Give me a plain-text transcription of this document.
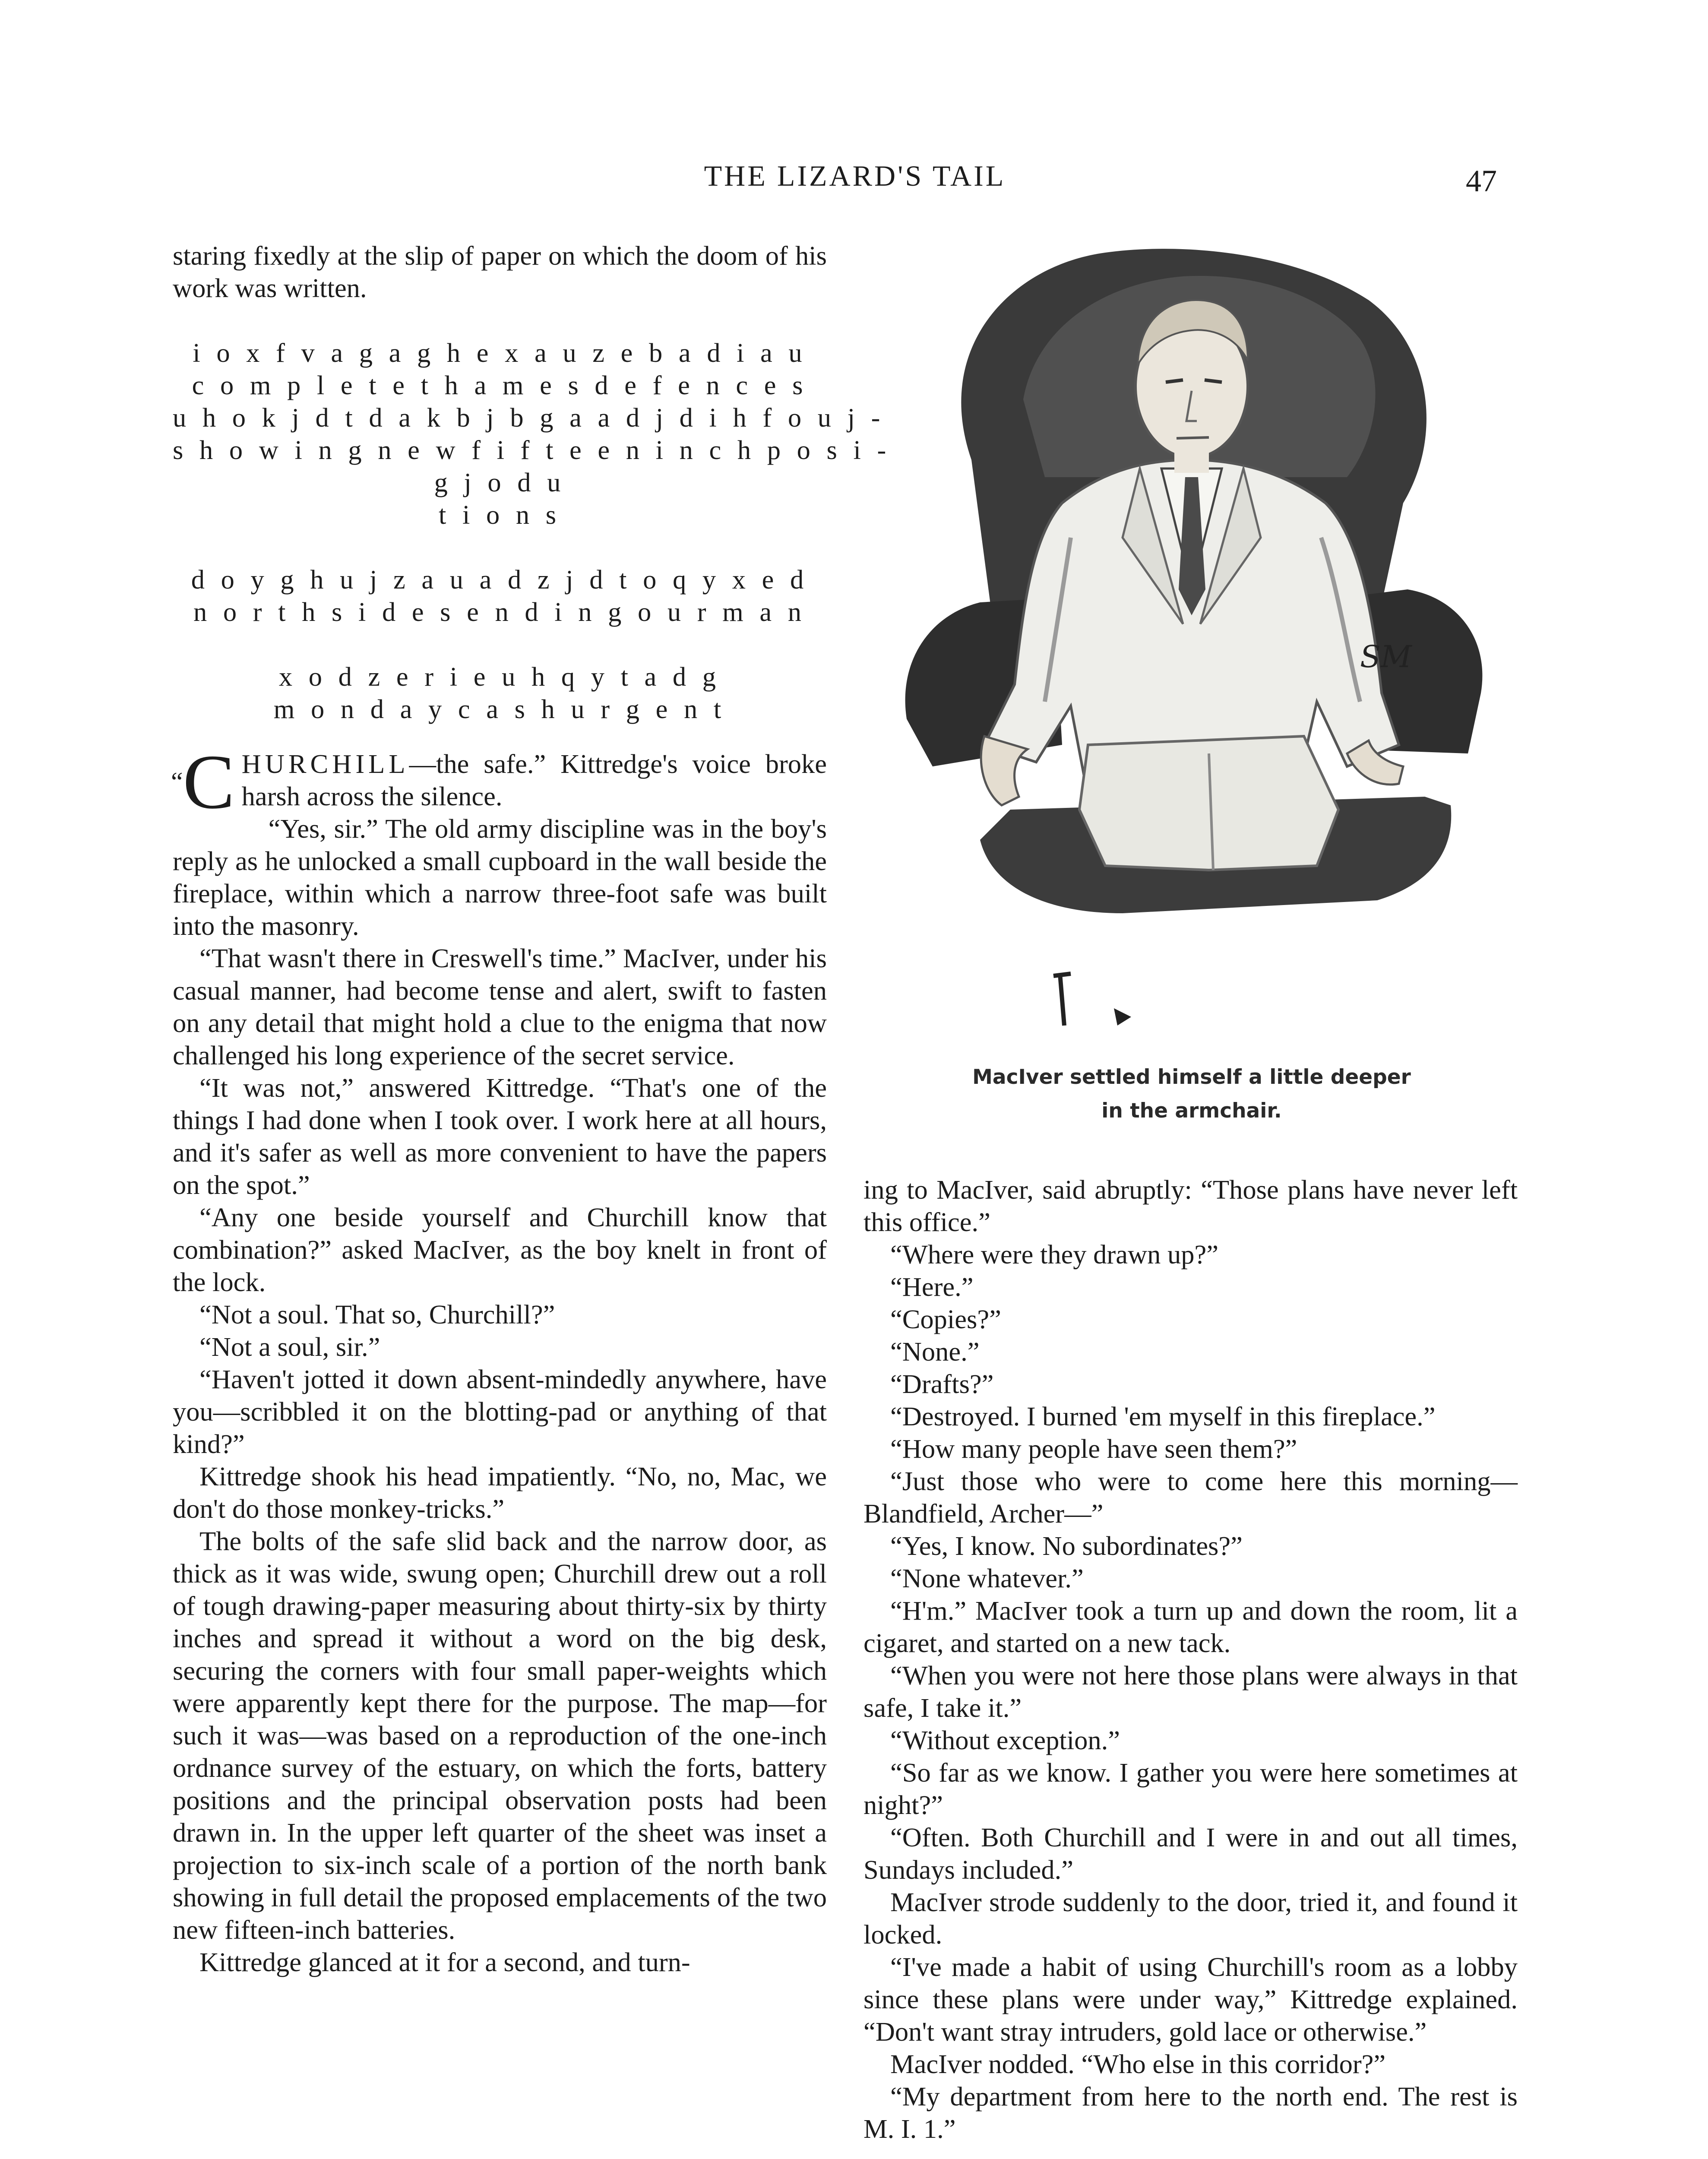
THE LIZARD'S TAIL	47

staring fixedly at the slip of paper on which the doom of his work was written.

i o x f v a g a g h e x a u z e b a d i a u

c o m p l e t e t h a m e s d e f e n c e s

u h o k j d t d a k b j b g a a d j d i h f o u j -

s h o w i n g n e w f i f t e e n i n c h p o s i -

g j o d u

t i o n s

d o y g h u j z a u a d z j d t o q y x e d

n o r t h s i d e s e n d i n g o u r m a n

x o d z e r i e u h q y t a d g

m o n d a y c a s h u r g e n t

“C HURCHILL—the safe.” Kittredge's voice broke harsh across the silence.

“Yes, sir.” The old army discipline was in the boy's reply as he unlocked a small cupboard in the wall beside the fireplace, within which a narrow three-foot safe was built into the masonry.

“That wasn't there in Creswell's time.” MacIver, under his casual manner, had become tense and alert, swift to fasten on any detail that might hold a clue to the enigma that now challenged his long experience of the secret service.

“It was not,” answered Kittredge. “That's one of the things I had done when I took over. I work here at all hours, and it's safer as well as more convenient to have the papers on the spot.”

“Any one beside yourself and Churchill know that combination?” asked MacIver, as the boy knelt in front of the lock.

“Not a soul. That so, Churchill?”

“Not a soul, sir.”

“Haven't jotted it down absent-mindedly anywhere, have you—scribbled it on the blotting-pad or anything of that kind?”

Kittredge shook his head impatiently. “No, no, Mac, we don't do those monkey-tricks.”

The bolts of the safe slid back and the narrow door, as thick as it was wide, swung open; Churchill drew out a roll of tough drawing-paper measuring about thirty-six by thirty inches and spread it without a word on the big desk, securing the corners with four small paper-weights which were apparently kept there for the purpose. The map—for such it was—was based on a reproduction of the one-inch ordnance survey of the estuary, on which the forts, battery positions and the principal observation posts had been drawn in. In the upper left quarter of the sheet was inset a projection to six-inch scale of a portion of the north bank showing in full detail the proposed emplacements of the two new fifteen-inch batteries.

Kittredge glanced at it for a second, and turn-

SM
MacIver settled himself a little deeper
in the armchair.

ing to MacIver, said abruptly: “Those plans have never left this office.”

“Where were they drawn up?”

“Here.”

“Copies?”

“None.”

“Drafts?”

“Destroyed. I burned 'em myself in this fireplace.”

“How many people have seen them?”

“Just those who were to come here this morning—Blandfield, Archer—”

“Yes, I know. No subordinates?”

“None whatever.”

“H'm.” MacIver took a turn up and down the room, lit a cigaret, and started on a new tack.

“When you were not here those plans were always in that safe, I take it.”

“Without exception.”

“So far as we know. I gather you were here sometimes at night?”

“Often. Both Churchill and I were in and out all times, Sundays included.”

MacIver strode suddenly to the door, tried it, and found it locked.

“I've made a habit of using Churchill's room as a lobby since these plans were under way,” Kittredge explained. “Don't want stray intruders, gold lace or otherwise.”

MacIver nodded. “Who else in this corridor?”

“My department from here to the north end. The rest is M. I. 1.”
